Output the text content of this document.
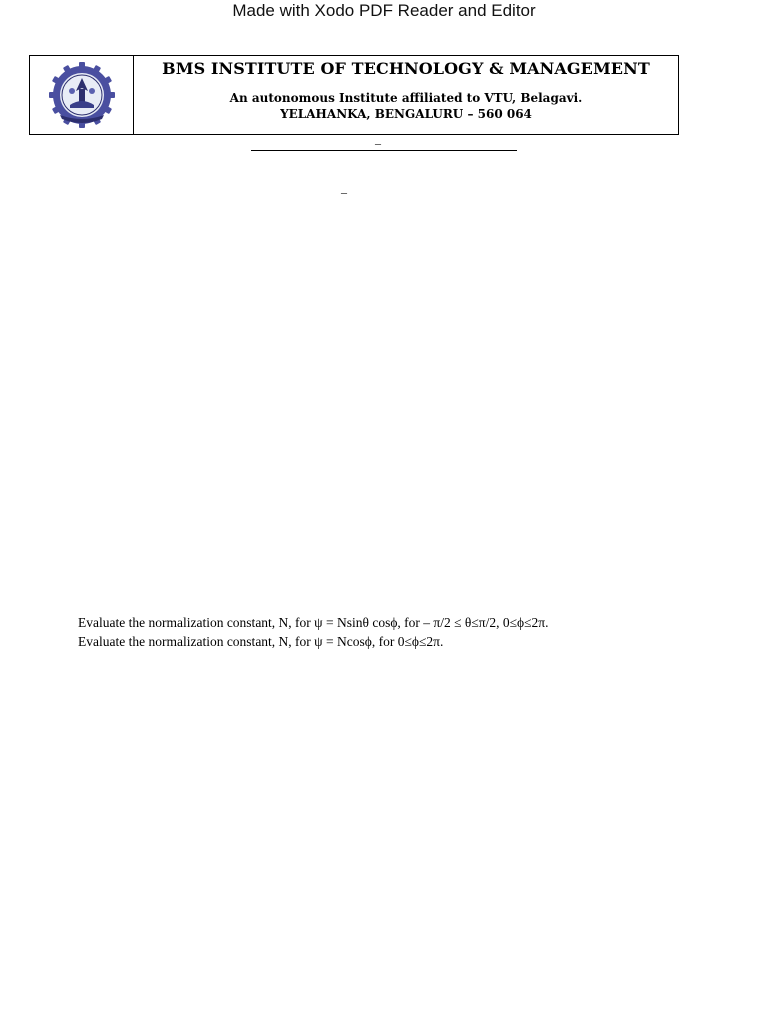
Made with Xodo PDF Reader and Editor
BMS INSTITUTE OF TECHNOLOGY & MANAGEMENT
An autonomous Institute affiliated to VTU, Belagavi.
YELAHANKA, BENGALURU – 560 064
–
–
Evaluate the normalization constant, N, for ψ = Nsinθ cosϕ, for – π/2 ≤ θ≤π/2, 0≤ϕ≤2π.
Evaluate the normalization constant, N, for ψ = Ncosϕ, for 0≤ϕ≤2π.
